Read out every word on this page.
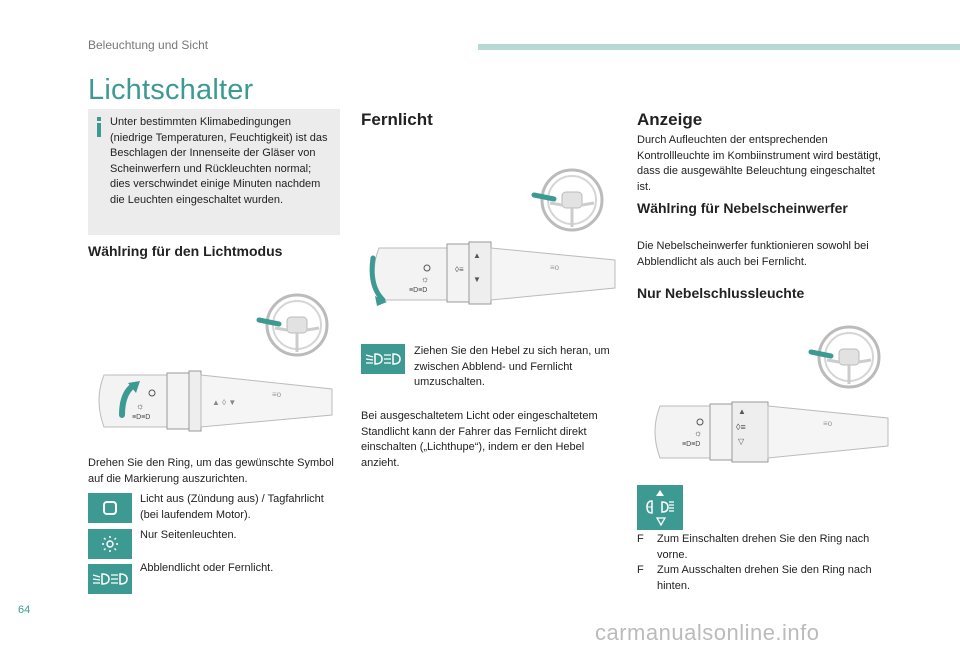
Beleuchtung und Sicht
Lichtschalter
Unter bestimmten Klimabedingungen (niedrige Temperaturen, Feuchtigkeit) ist das Beschlagen der Innenseite der Gläser von Scheinwerfern und Rückleuchten normal; dies verschwindet einige Minuten nachdem die Leuchten eingeschaltet wurden.
Wählring für den Lichtmodus
☼
≡D≡D
▲ ◊ ▼
≡o
Drehen Sie den Ring, um das gewünschte Symbol auf die Markierung auszurichten.
Licht aus (Zündung aus) / Tagfahrlicht (bei laufendem Motor).
Nur Seitenleuchten.
Abblendlicht oder Fernlicht.
Fernlicht
☼
≡D≡D
◊≡
▲
▼
≡o
Ziehen Sie den Hebel zu sich heran, um zwischen Abblend- und Fernlicht umzuschalten.
Bei ausgeschaltetem Licht oder eingeschaltetem Standlicht kann der Fahrer das Fernlicht direkt einschalten („Lichthupe“), indem er den Hebel anzieht.
Anzeige
Durch Aufleuchten der entsprechenden Kontrollleuchte im Kombiinstrument wird bestätigt, dass die ausgewählte Beleuchtung eingeschaltet ist.
Wählring für Nebelscheinwerfer
Die Nebelscheinwerfer funktionieren sowohl bei Abblendlicht als auch bei Fernlicht.
Nur Nebelschlussleuchte
☼
≡D≡D
▲
◊≡
▽
≡o
F	Zum Einschalten drehen Sie den Ring nach vorne.
F	Zum Ausschalten drehen Sie den Ring nach hinten.
64
carmanualsonline.info
